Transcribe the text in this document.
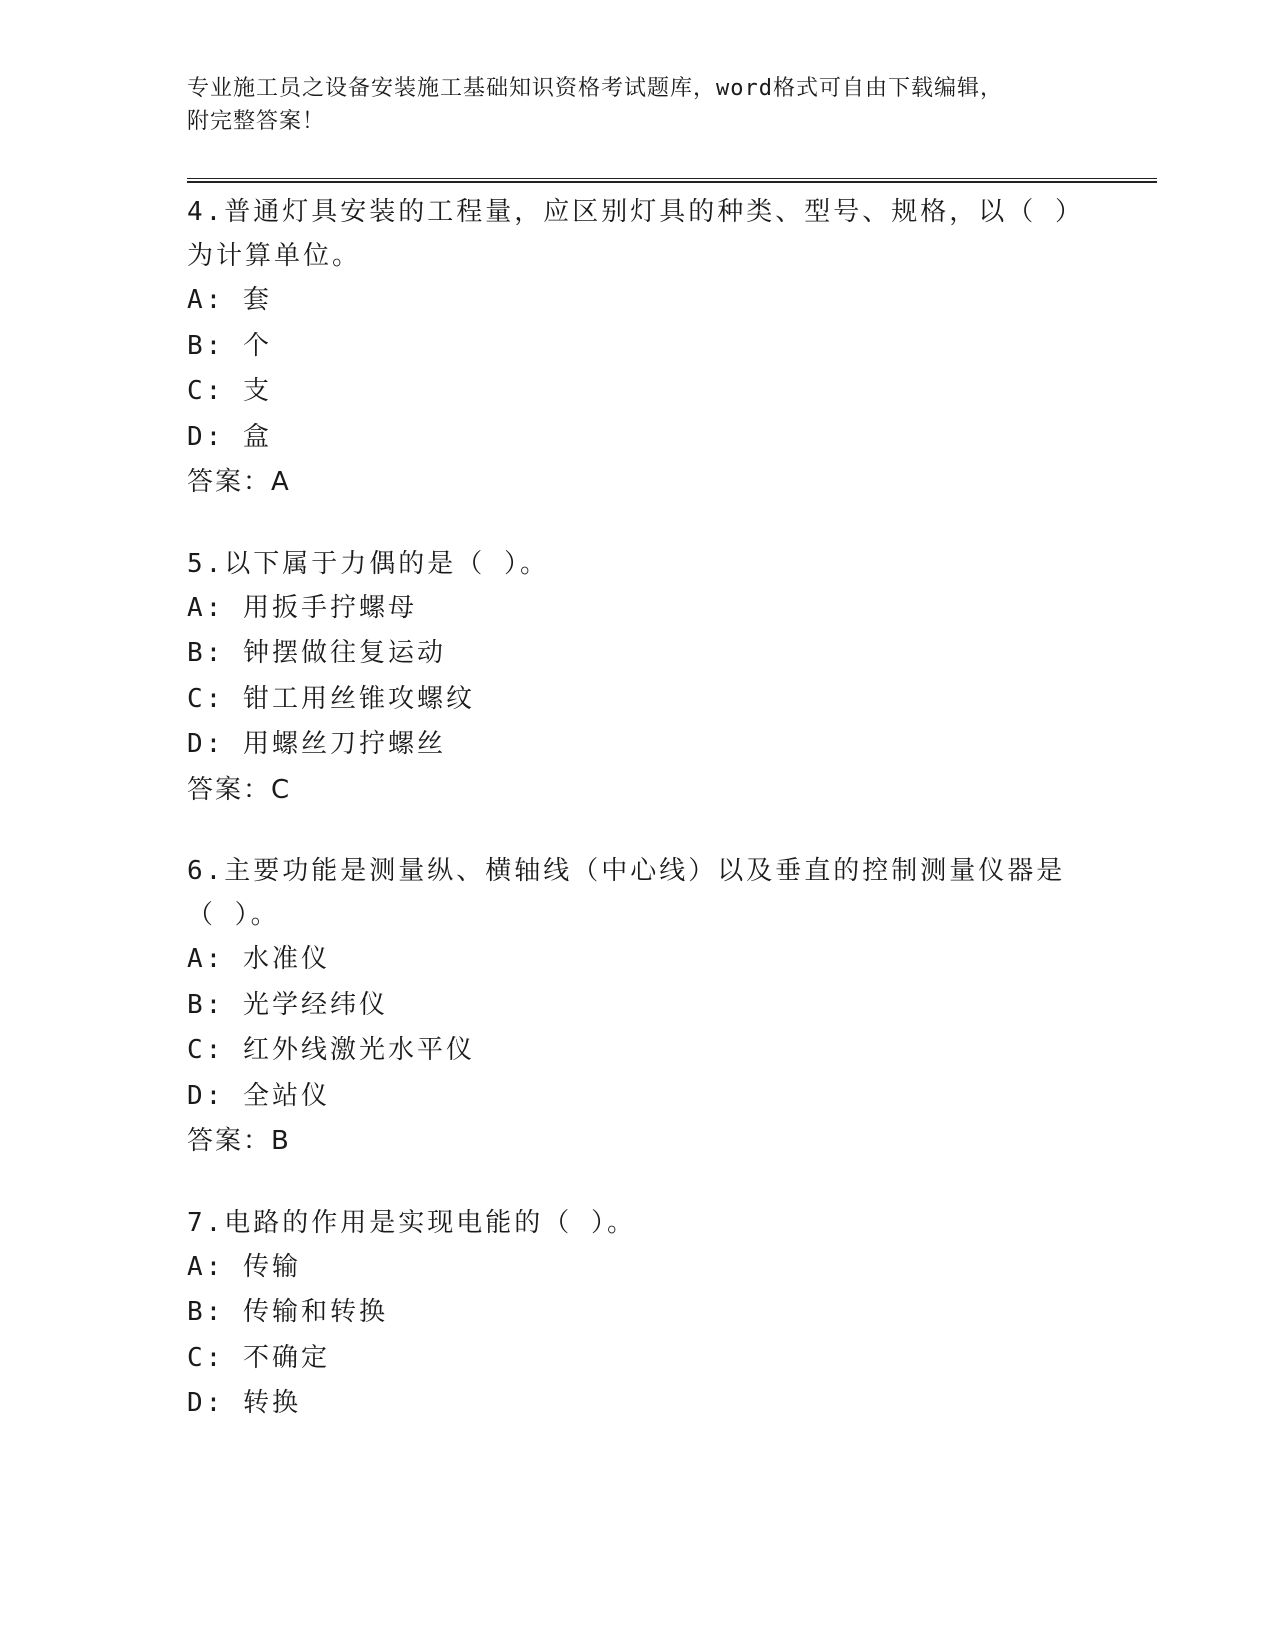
专业施工员之设备安装施工基础知识资格考试题库，word格式可自由下载编辑，
附完整答案！

4.普通灯具安装的工程量，应区别灯具的种类、型号、规格，以（ ）

为计算单位。

A: 套

B: 个

C: 支

D: 盒

答案：A

5.以下属于力偶的是（ ）。

A: 用扳手拧螺母

B: 钟摆做往复运动

C: 钳工用丝锥攻螺纹

D: 用螺丝刀拧螺丝

答案：C

6.主要功能是测量纵、横轴线（中心线）以及垂直的控制测量仪器是

（ ）。

A: 水准仪

B: 光学经纬仪

C: 红外线激光水平仪

D: 全站仪

答案：B

7.电路的作用是实现电能的（ ）。

A: 传输

B: 传输和转换

C: 不确定

D: 转换
